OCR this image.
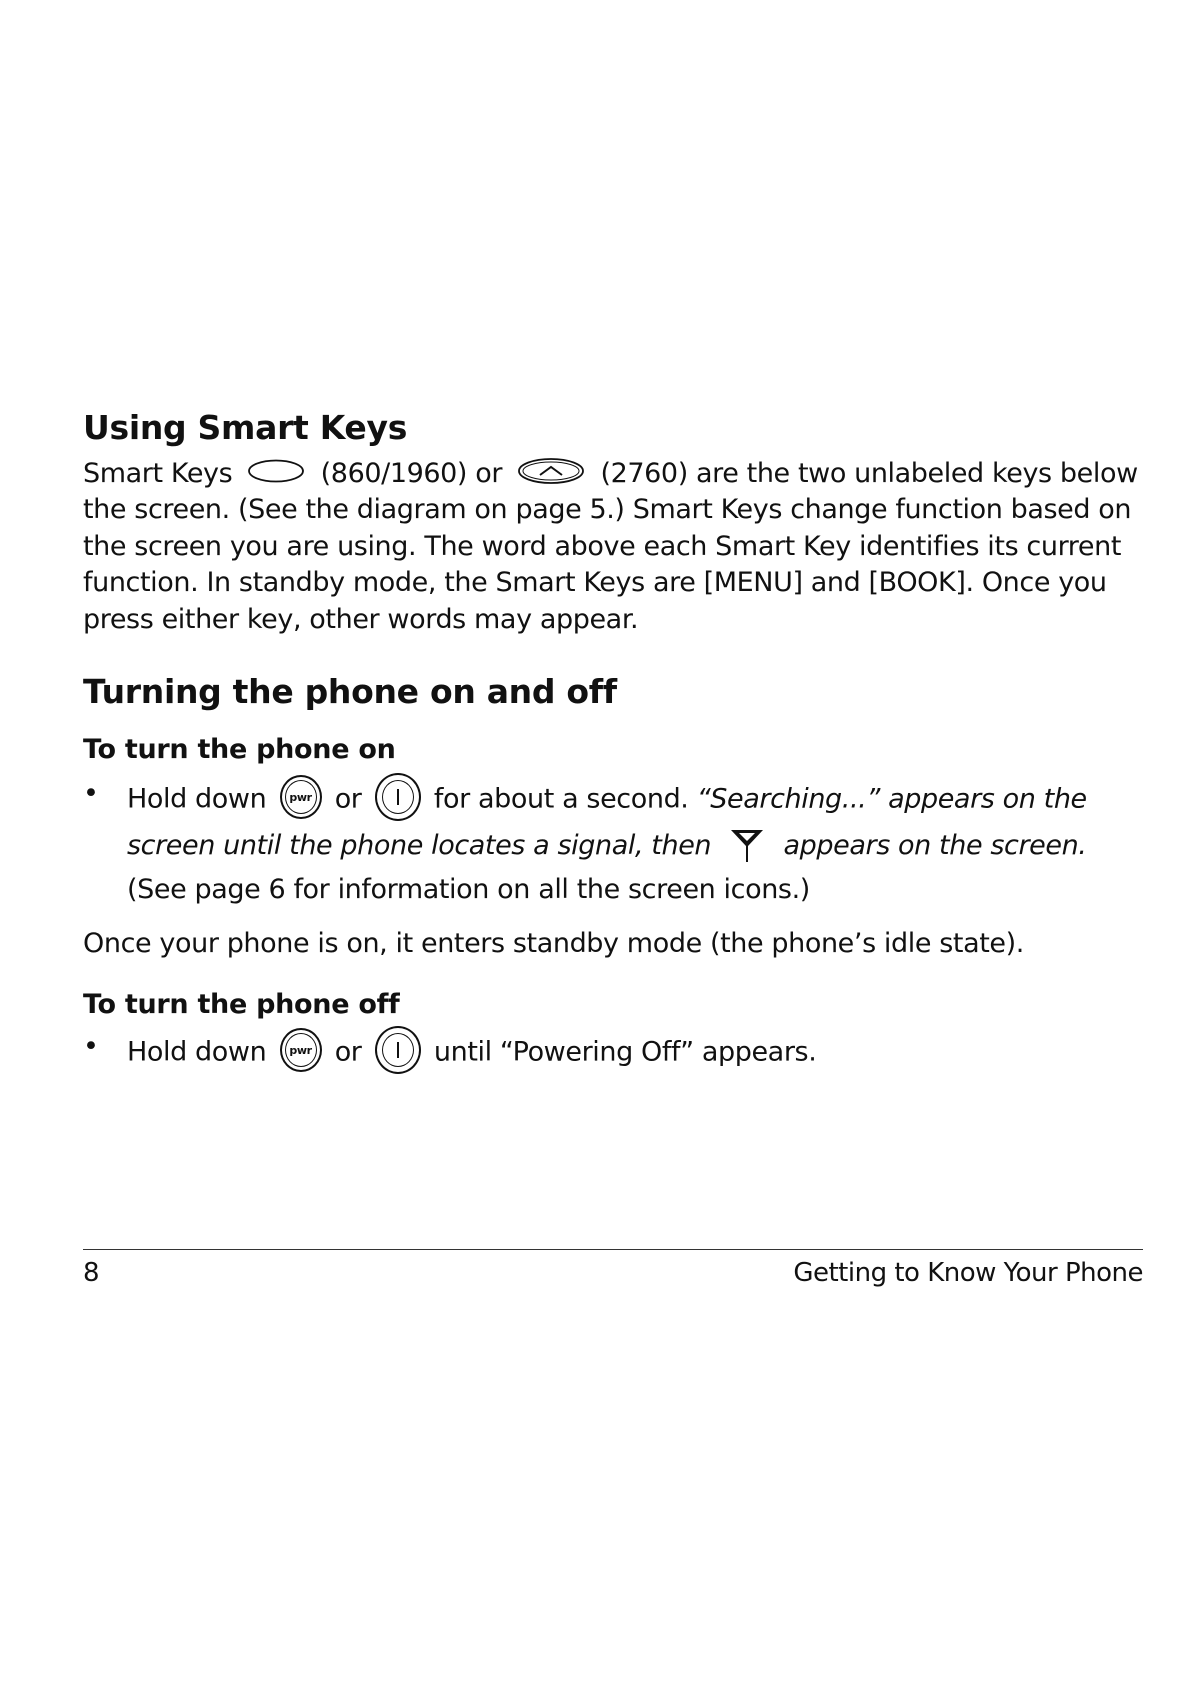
Using Smart Keys

Smart Keys	(860/1960) or	(2760) are the two unlabeled keys below the screen. (See the diagram on page 5.) Smart Keys change function based on the screen you are using. The word above each Smart Key identifies its current function. In standby mode, the Smart Keys are [MENU] and [BOOK]. Once you press either key, other words may appear.

Turning the phone on and off
To turn the phone on
• Hold down	pwr or	for about a second. “Searching...” appears on the screen until the phone locates a signal, then	appears on the screen.
(See page 6 for information on all the screen icons.)

Once your phone is on, it enters standby mode (the phone’s idle state).

To turn the phone off
• Hold down	pwr or	until “Powering Off” appears.
8	Getting to Know Your Phone
